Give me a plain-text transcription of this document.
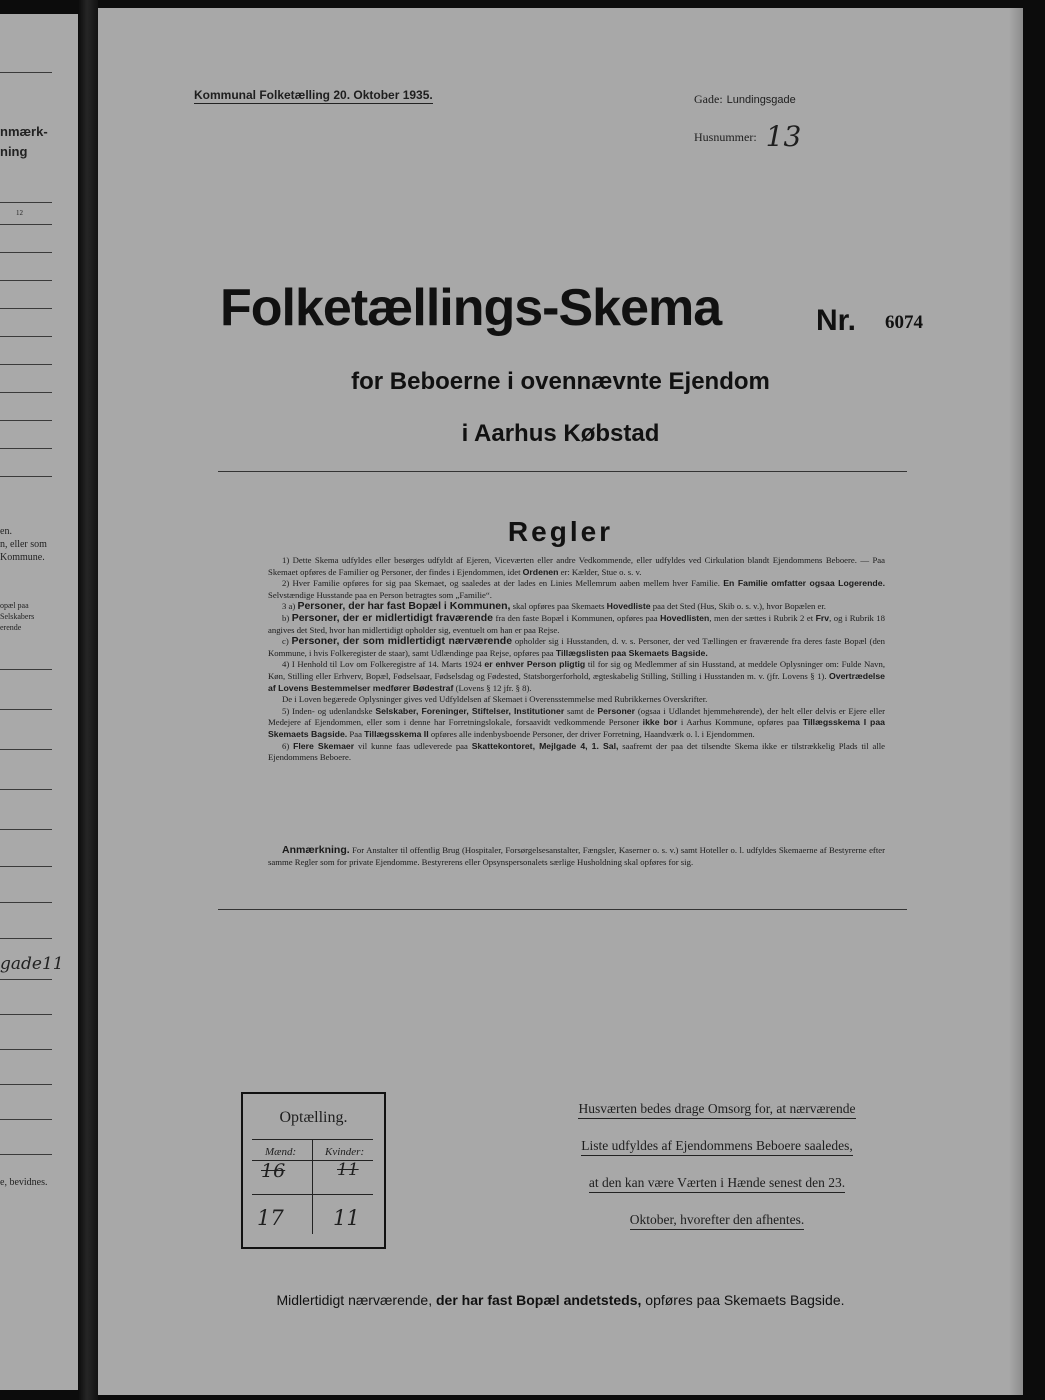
nmærk-
ning
12
en.
n, eller som
Kommune.
opæl paa
Selskabers
erende
gade11
e, bevidnes.
Kommunal Folketælling 20. Oktober 1935.	Gade: Lundingsgade
Husnummer: 13
Folketællings-Skema	Nr. 6074
for Beboerne i ovennævnte Ejendom
i Aarhus Købstad
Regler

1) Dette Skema udfyldes eller besørges udfyldt af Ejeren, Viceværten eller andre Vedkommende, eller udfyldes ved Cirkulation blandt Ejendommens Beboere. — Paa Skemaet opføres de Familier og Personer, der findes i Ejendommen, idet Ordenen er: Kælder, Stue o. s. v.

2) Hver Familie opføres for sig paa Skemaet, og saaledes at der lades en Linies Mellemrum aaben mellem hver Familie. En Familie omfatter ogsaa Logerende. Selvstændige Husstande paa en Person betragtes som „Familie“.

3 a) Personer, der har fast Bopæl i Kommunen, skal opføres paa Skemaets Hovedliste paa det Sted (Hus, Skib o. s. v.), hvor Bopælen er.

b) Personer, der er midlertidigt fraværende fra den faste Bopæl i Kommunen, opføres paa Hovedlisten, men der sættes i Rubrik 2 et Frv, og i Rubrik 18 angives det Sted, hvor han midlertidigt opholder sig, eventuelt om han er paa Rejse.

c) Personer, der som midlertidigt nærværende opholder sig i Husstanden, d. v. s. Personer, der ved Tællingen er fraværende fra deres faste Bopæl (den Kommune, i hvis Folkeregister de staar), samt Udlændinge paa Rejse, opføres paa Tillægslisten paa Skemaets Bagside.

4) I Henhold til Lov om Folkeregistre af 14. Marts 1924 er enhver Person pligtig til for sig og Medlemmer af sin Husstand, at meddele Oplysninger om: Fulde Navn, Køn, Stilling eller Erhverv, Bopæl, Fødselsaar, Fødselsdag og Fødested, Statsborgerforhold, ægteskabelig Stilling, Stilling i Husstanden m. v. (jfr. Lovens § 1). Overtrædelse af Lovens Bestemmelser medfører Bødestraf (Lovens § 12 jfr. § 8).

De i Loven begærede Oplysninger gives ved Udfyldelsen af Skemaet i Overensstemmelse med Rubrikkernes Overskrifter.

5) Inden- og udenlandske Selskaber, Foreninger, Stiftelser, Institutioner samt de Personer (ogsaa i Udlandet hjemmehørende), der helt eller delvis er Ejere eller Medejere af Ejendommen, eller som i denne har Forretningslokale, forsaavidt vedkommende Personer ikke bor i Aarhus Kommune, opføres paa Tillægsskema I paa Skemaets Bagside. Paa Tillægsskema II opføres alle indenbysboende Personer, der driver Forretning, Haandværk o. l. i Ejendommen.

6) Flere Skemaer vil kunne faas udleverede paa Skattekontoret, Mejlgade 4, 1. Sal, saafremt der paa det tilsendte Skema ikke er tilstrækkelig Plads til alle Ejendommens Beboere.

Anmærkning. For Anstalter til offentlig Brug (Hospitaler, Forsørgelsesanstalter, Fængsler, Kaserner o. s. v.) samt Hoteller o. l. udfyldes Skemaerne af Bestyrerne efter samme Regler som for private Ejendomme. Bestyrerens eller Opsynspersonalets særlige Husholdning skal opføres for sig.

Optælling.
Mænd:	Kvinder:
16	11
17 11
Husværten bedes drage Omsorg for, at nærværende
Liste udfyldes af Ejendommens Beboere saaledes,
at den kan være Værten i Hænde senest den 23.
Oktober, hvorefter den afhentes.
Midlertidigt nærværende, der har fast Bopæl andetsteds, opføres paa Skemaets Bagside.
